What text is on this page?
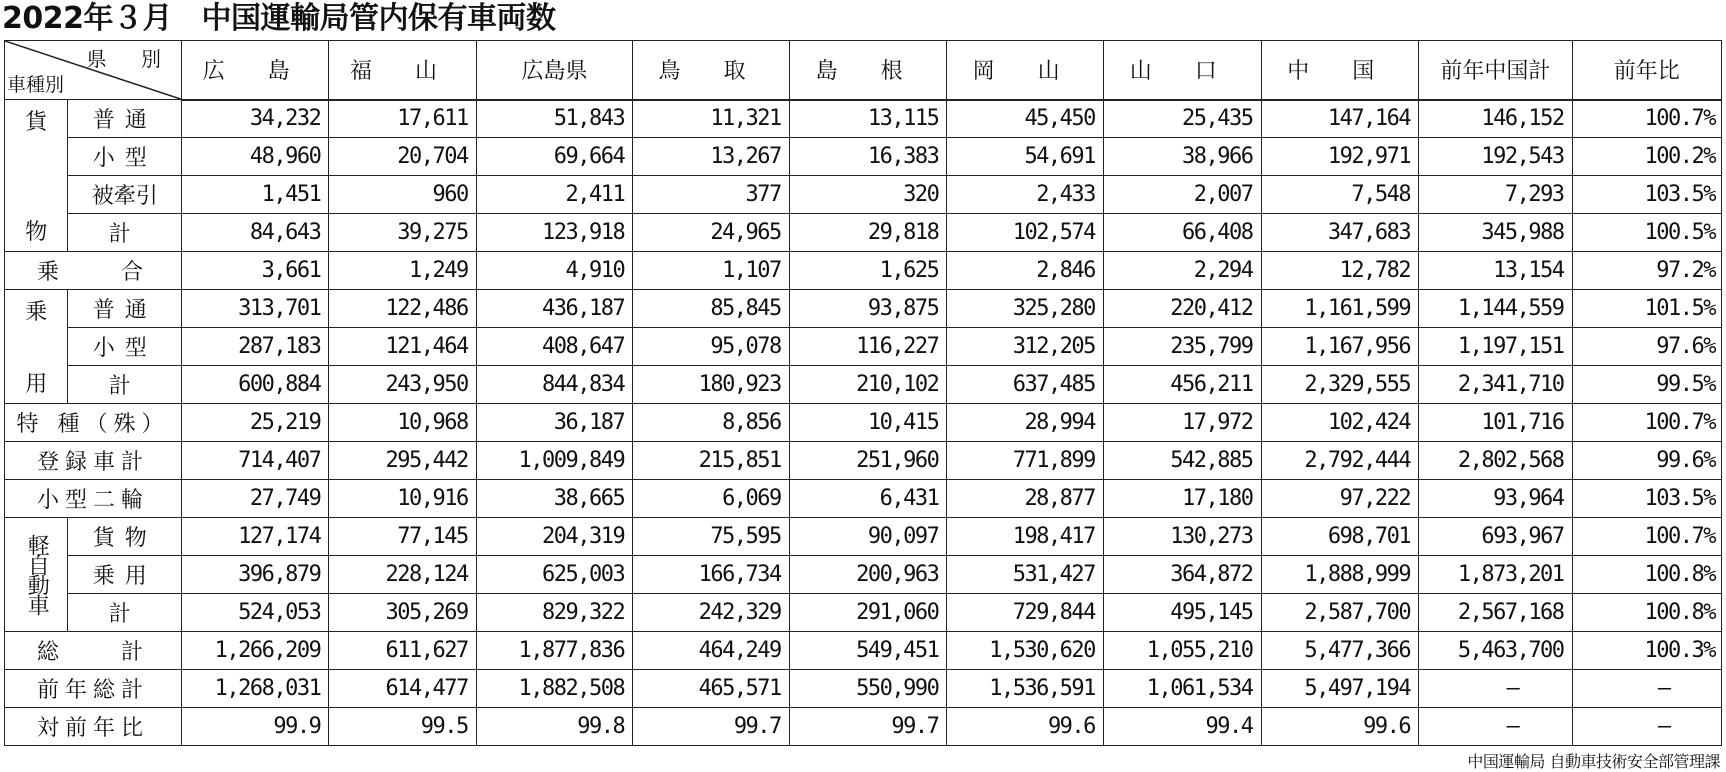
2022年３月　中国運輸局管内保有車両数
県 別
車種別		広 島	福 山	広島県	鳥 取	島 根	岡 山	山 口	中 国	前年中国計	前年比

貨
物	普通	34,232	17,611	51,843	11,321	13,115	45,450	25,435	147,164	146,152	100.7%
	小型	48,960	20,704	69,664	13,267	16,383	54,691	38,966	192,971	192,543	100.2%
	被牽引	1,451	960	2,411	377	320	2,433	2,007	7,548	7,293	103.5%
	計	84,643	39,275	123,918	24,965	29,818	102,574	66,408	347,683	345,988	100.5%
乗　　合		3,661	1,249	4,910	1,107	1,625	2,846	2,294	12,782	13,154	97.2%

乗
用	普通	313,701	122,486	436,187	85,845	93,875	325,280	220,412	1,161,599	1,144,559	101.5%
	小型	287,183	121,464	408,647	95,078	116,227	312,205	235,799	1,167,956	1,197,151	97.6%
	計	600,884	243,950	844,834	180,923	210,102	637,485	456,211	2,329,555	2,341,710	99.5%
特 種（殊）		25,219	10,968	36,187	8,856	10,415	28,994	17,972	102,424	101,716	100.7%
登録車計		714,407	295,442	1,009,849	215,851	251,960	771,899	542,885	2,792,444	2,802,568	99.6%
小型二輪		27,749	10,916	38,665	6,069	6,431	28,877	17,180	97,222	93,964	103.5%

軽自動車	貨物	127,174	77,145	204,319	75,595	90,097	198,417	130,273	698,701	693,967	100.7%
	乗用	396,879	228,124	625,003	166,734	200,963	531,427	364,872	1,888,999	1,873,201	100.8%
	計	524,053	305,269	829,322	242,329	291,060	729,844	495,145	2,587,700	2,567,168	100.8%
総　　計		1,266,209	611,627	1,877,836	464,249	549,451	1,530,620	1,055,210	5,477,366	5,463,700	100.3%
前年総計		1,268,031	614,477	1,882,508	465,571	550,990	1,536,591	1,061,534	5,497,194	—	—
対前年比		99.9	99.5	99.8	99.7	99.7	99.6	99.4	99.6	—	—
中国運輸局 自動車技術安全部管理課
